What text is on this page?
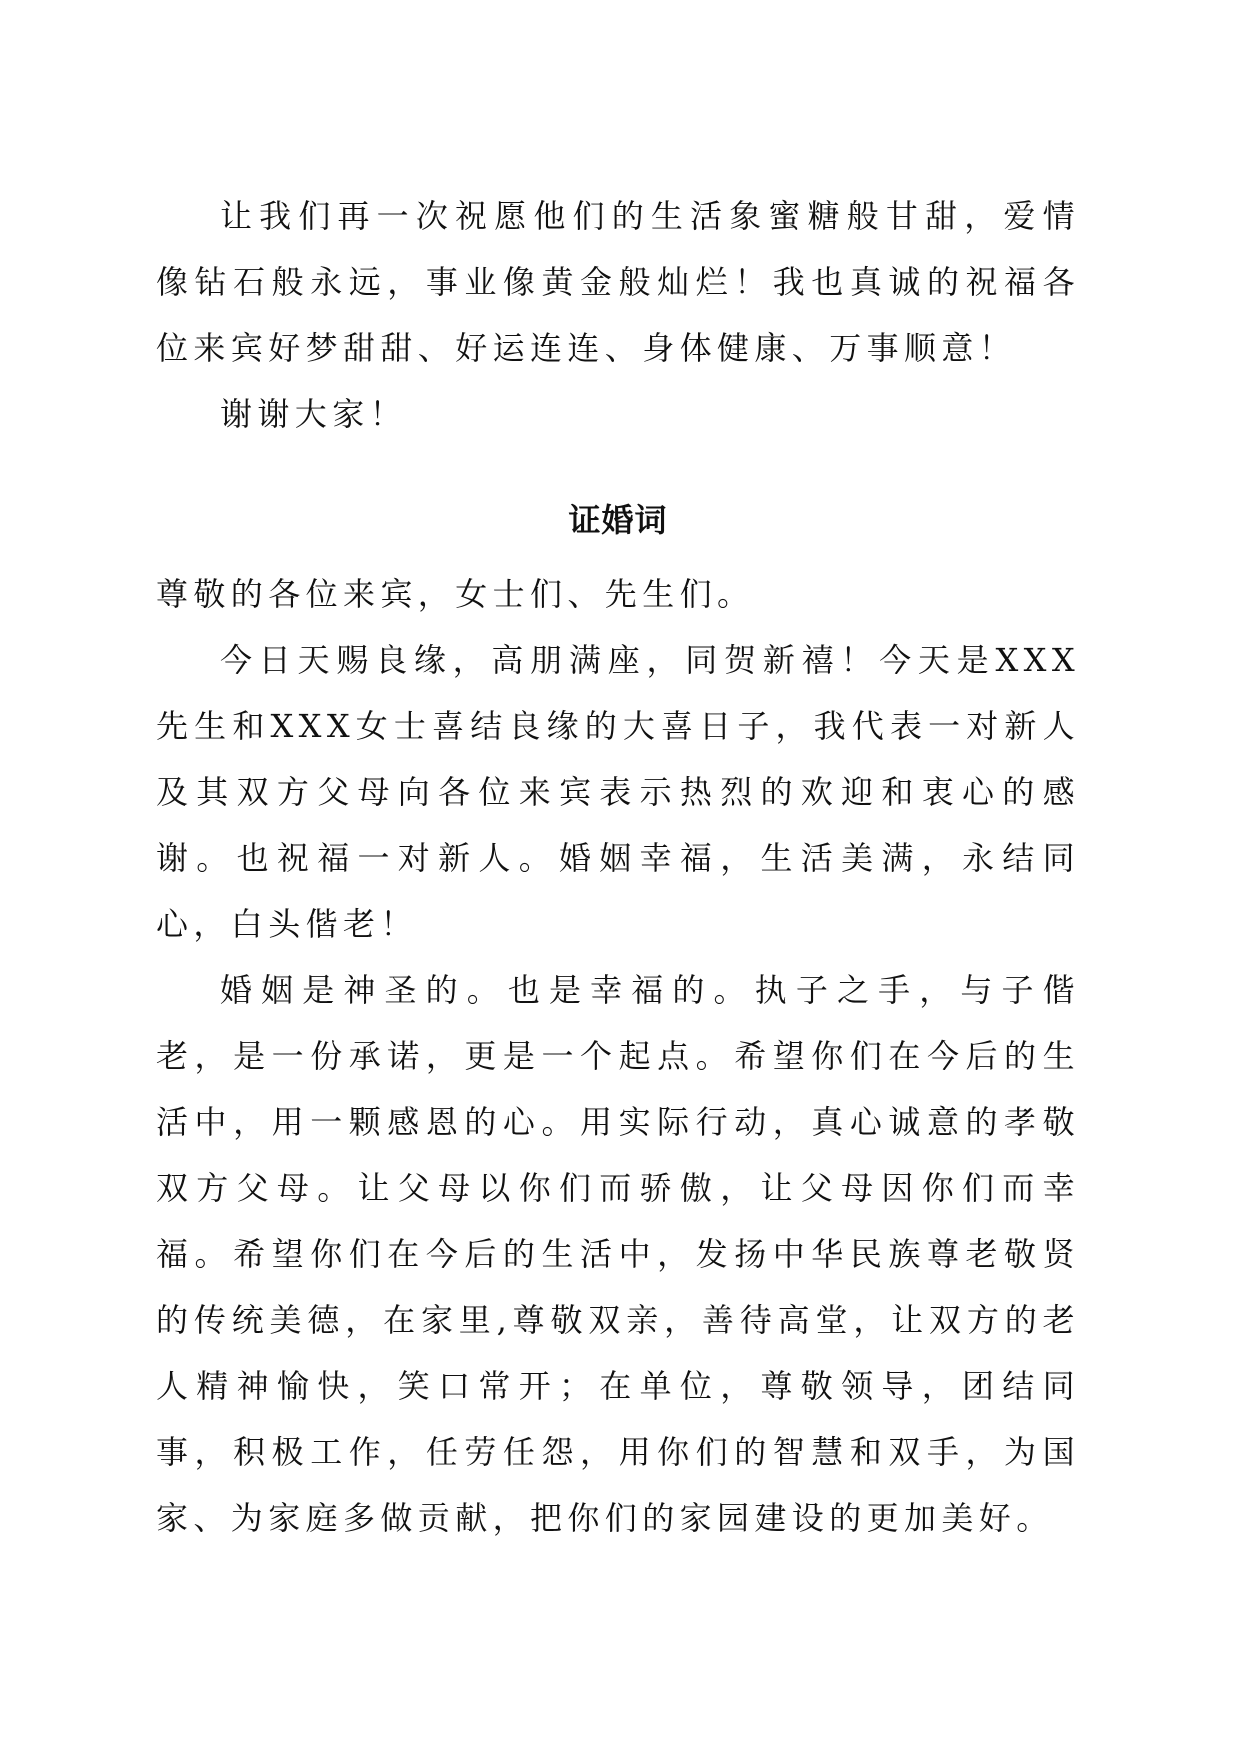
让我们再一次祝愿他们的生活象蜜糖般甘甜，爱情像钻石般永远，事业像黄金般灿烂！我也真诚的祝福各位来宾好梦甜甜、好运连连、身体健康、万事顺意！

谢谢大家！

证婚词

尊敬的各位来宾，女士们、先生们。

今日天赐良缘，高朋满座，同贺新禧！今天是XXX先生和XXX女士喜结良缘的大喜日子，我代表一对新人及其双方父母向各位来宾表示热烈的欢迎和衷心的感谢。也祝福一对新人。婚姻幸福，生活美满，永结同心，白头偕老！

婚姻是神圣的。也是幸福的。执子之手，与子偕老，是一份承诺，更是一个起点。希望你们在今后的生活中，用一颗感恩的心。用实际行动，真心诚意的孝敬双方父母。让父母以你们而骄傲，让父母因你们而幸福。希望你们在今后的生活中，发扬中华民族尊老敬贤的传统美德，在家里,尊敬双亲，善待高堂，让双方的老人精神愉快，笑口常开；在单位，尊敬领导，团结同事，积极工作，任劳任怨，用你们的智慧和双手，为国家、为家庭多做贡献，把你们的家园建设的更加美好。
